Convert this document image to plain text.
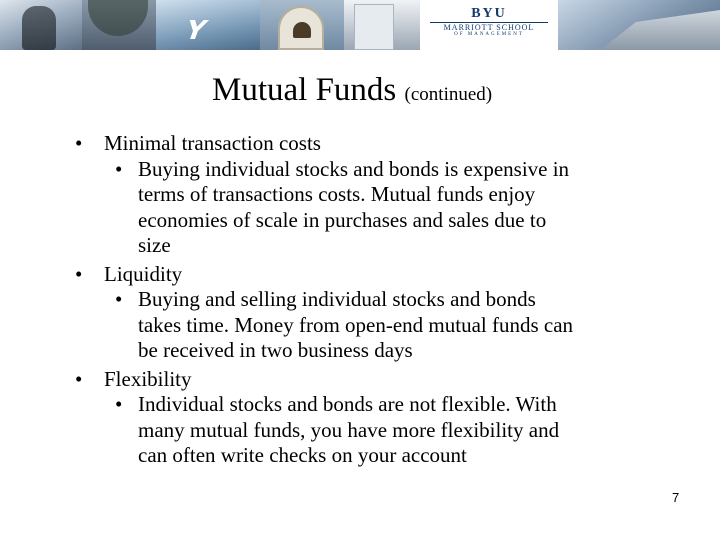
Y
BYU
MARRIOTT SCHOOL
OF MANAGEMENT
Mutual Funds (continued)
• Minimal transaction costs
• Buying individual stocks and bonds is expensive in
terms of transactions costs. Mutual funds enjoy
economies of scale in purchases and sales due to
size
• Liquidity
• Buying and selling individual stocks and bonds
takes time. Money from open-end mutual funds can
be received in two business days
• Flexibility
• Individual stocks and bonds are not flexible. With
many mutual funds, you have more flexibility and
can often write checks on your account
7
